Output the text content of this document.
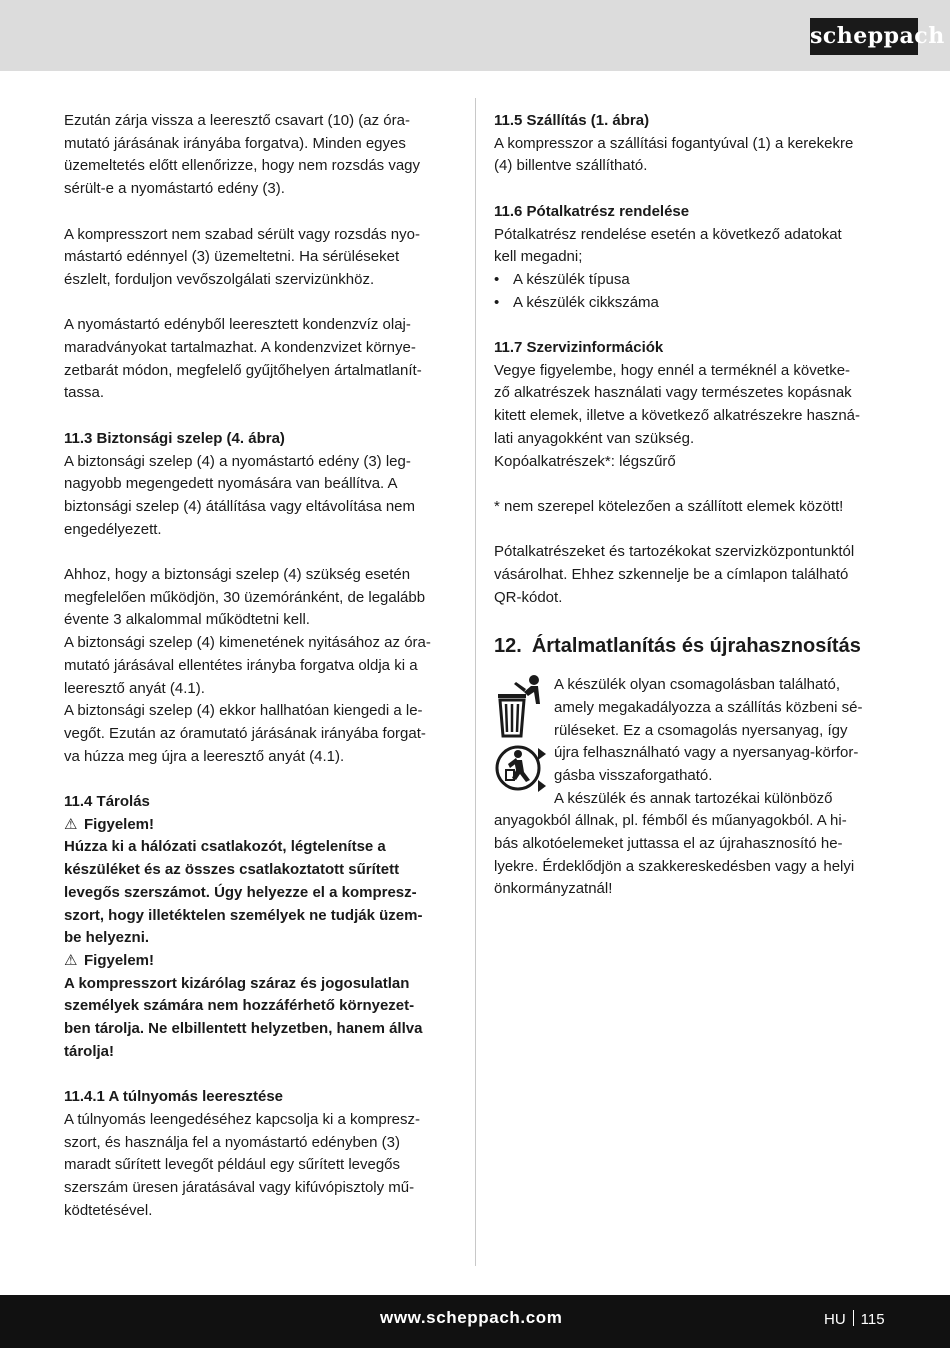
scheppach
Ezután zárja vissza a leeresztő csavart (10) (az óra-
mutató járásának irányába forgatva). Minden egyes
üzemeltetés előtt ellenőrizze, hogy nem rozsdás vagy
sérült-e a nyomástartó edény (3).
A kompresszort nem szabad sérült vagy rozsdás nyo-
mástartó edénnyel (3) üzemeltetni. Ha sérüléseket
észlelt, forduljon vevőszolgálati szervizünkhöz.
A nyomástartó edényből leeresztett kondenzvíz olaj-
maradványokat tartalmazhat. A kondenzvizet környe-
zetbarát módon, megfelelő gyűjtőhelyen ártalmatlanít-
tassa.
11.3 Biztonsági szelep (4. ábra)
A biztonsági szelep (4) a nyomástartó edény (3) leg-
nagyobb megengedett nyomására van beállítva. A
biztonsági szelep (4) átállítása vagy eltávolítása nem
engedélyezett.
Ahhoz, hogy a biztonsági szelep (4) szükség esetén
megfelelően működjön, 30 üzemóránként, de legalább
évente 3 alkalommal működtetni kell.
A biztonsági szelep (4) kimenetének nyitásához az óra-
mutató járásával ellentétes irányba forgatva oldja ki a
leeresztő anyát (4.1).
A biztonsági szelep (4) ekkor hallhatóan kiengedi a le-
vegőt. Ezután az óramutató járásának irányába forgat-
va húzza meg újra a leeresztő anyát (4.1).
11.4 Tárolás
⚠ Figyelem!
Húzza ki a hálózati csatlakozót, légtelenítse a
készüléket és az összes csatlakoztatott sűrített
levegős szerszámot. Úgy helyezze el a kompresz-
szort, hogy illetéktelen személyek ne tudják üzem-
be helyezni.
⚠ Figyelem!
A kompresszort kizárólag száraz és jogosulatlan
személyek számára nem hozzáférhető környezet-
ben tárolja. Ne elbillentett helyzetben, hanem állva
tárolja!
11.4.1 A túlnyomás leeresztése
A túlnyomás leengedéséhez kapcsolja ki a kompresz-
szort, és használja fel a nyomástartó edényben (3)
maradt sűrített levegőt például egy sűrített levegős
szerszám üresen járatásával vagy kifúvópisztoly mű-
ködtetésével.
11.5 Szállítás (1. ábra)
A kompresszor a szállítási fogantyúval (1) a kerekekre
(4) billentve szállítható.
11.6 Pótalkatrész rendelése
Pótalkatrész rendelése esetén a következő adatokat
kell megadni;
• A készülék típusa
• A készülék cikkszáma
11.7 Szervizinformációk
Vegye figyelembe, hogy ennél a terméknél a követke-
ző alkatrészek használati vagy természetes kopásnak
kitett elemek, illetve a következő alkatrészekre haszná-
lati anyagokként van szükség.
Kopóalkatrészek*: légszűrő
* nem szerepel kötelezően a szállított elemek között!
Pótalkatrészeket és tartozékokat szervizközpontunktól
vásárolhat. Ehhez szkennelje be a címlapon található
QR-kódot.
12. Ártalmatlanítás és újrahasznosítás
A készülék olyan csomagolásban található,
amely megakadályozza a szállítás közbeni sé-
rüléseket. Ez a csomagolás nyersanyag, így
újra felhasználható vagy a nyersanyag-körfor-
gásba visszaforgatható.
A készülék és annak tartozékai különböző
anyagokból állnak, pl. fémből és műanyagokból. A hi-
bás alkotóelemeket juttassa el az újrahasznosító he-
lyekre. Érdeklődjön a szakkereskedésben vagy a helyi
önkormányzatnál!
www.scheppach.com	HU 115
